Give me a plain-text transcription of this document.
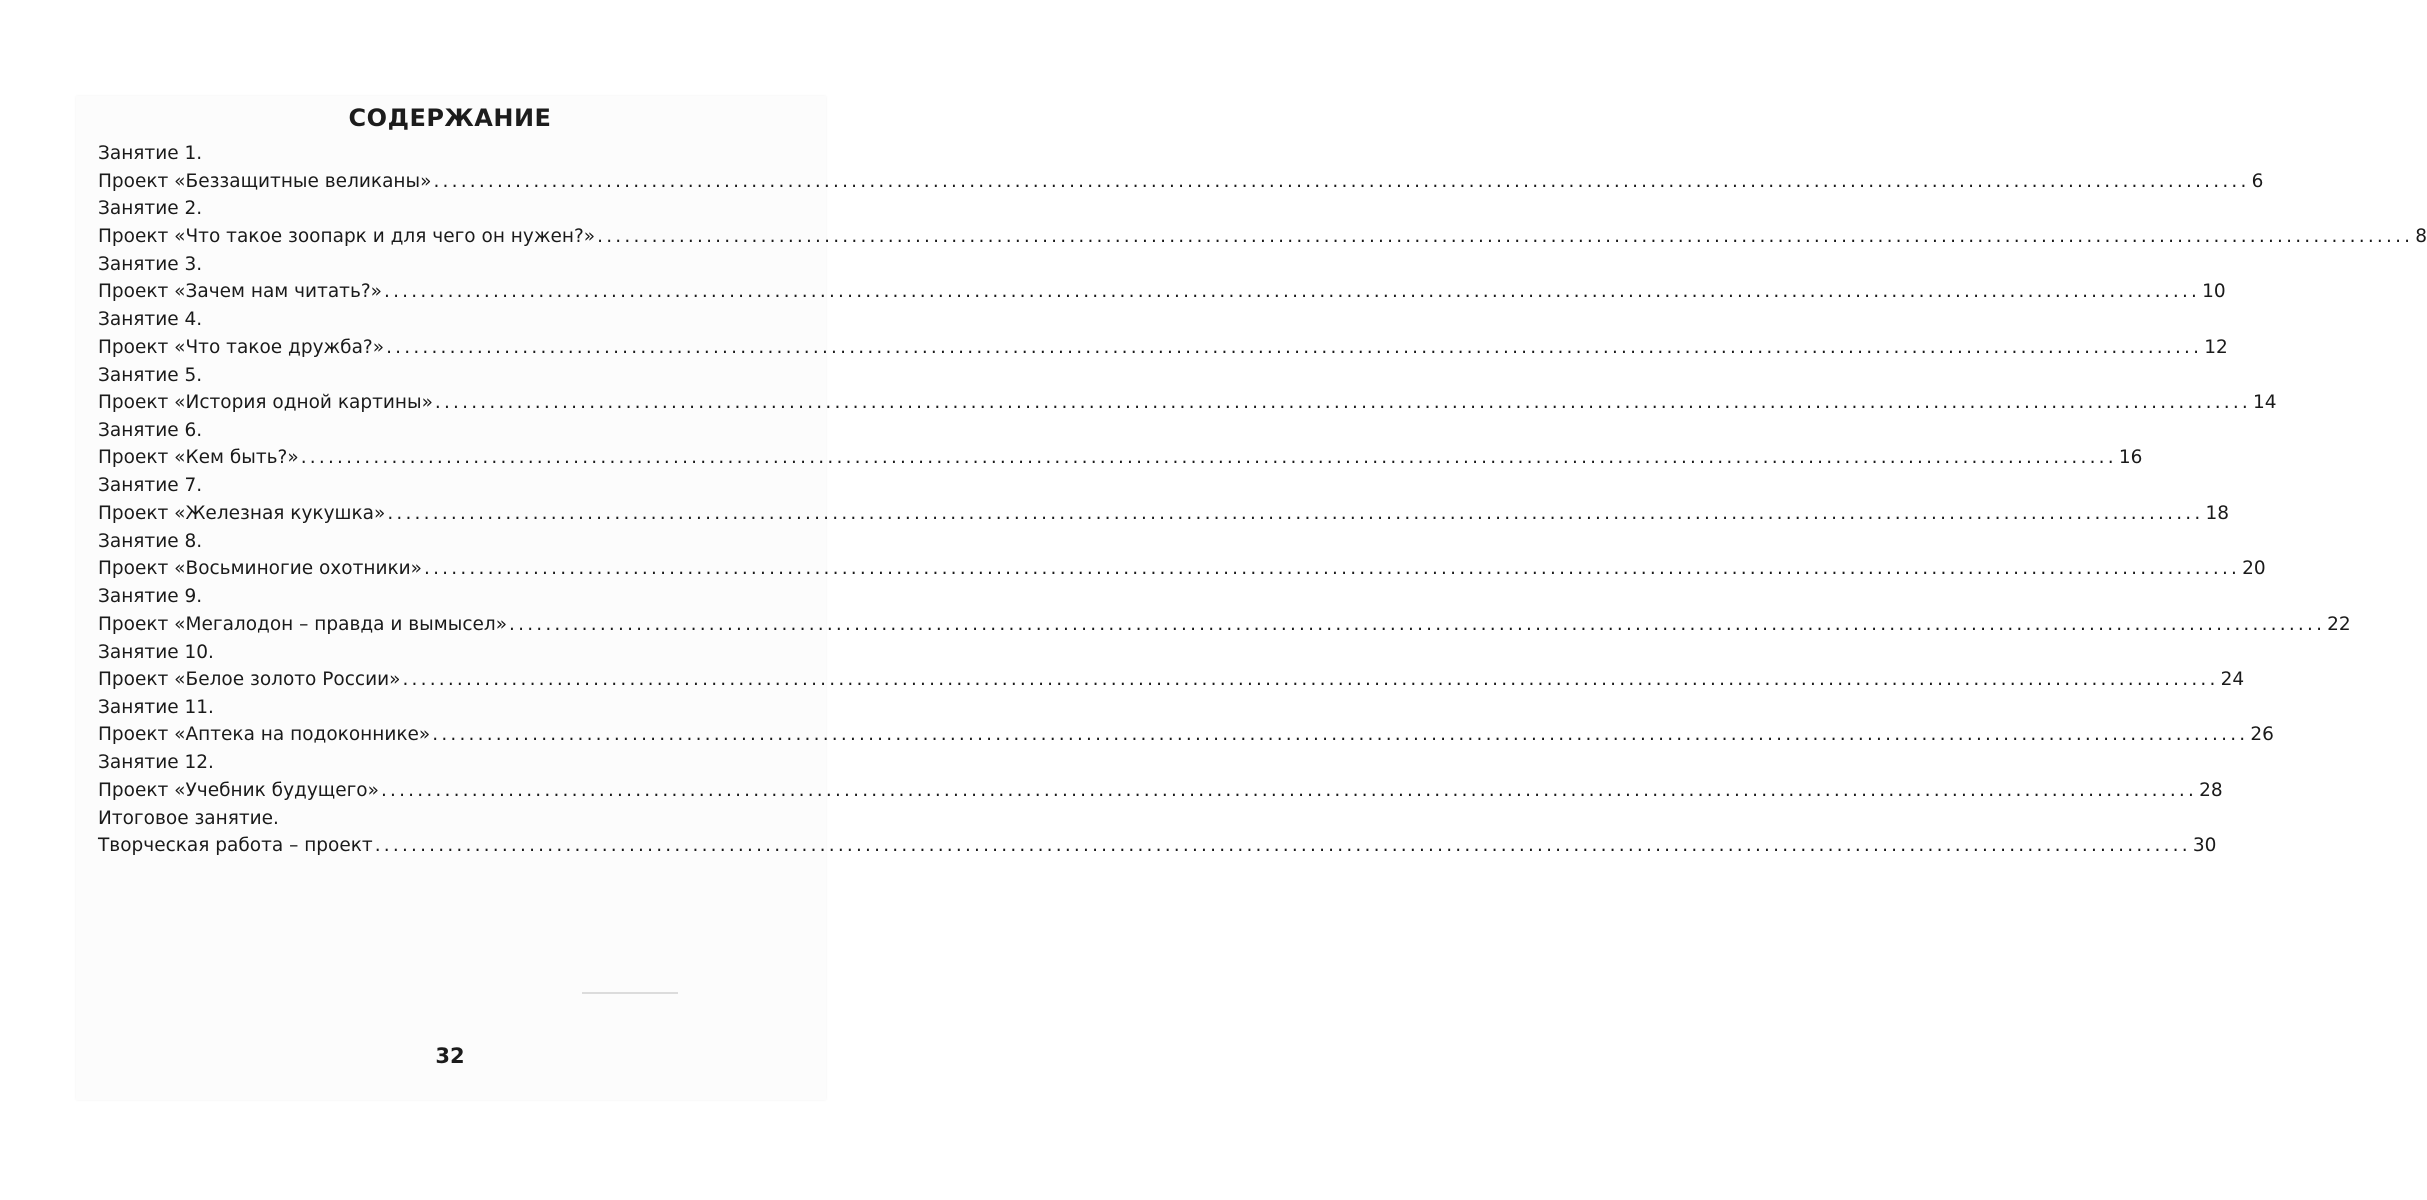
СОДЕРЖАНИЕ
Занятие 1.
Проект «Беззащитные великаны» ........................................................................................................................................................................................................ 6
Занятие 2.
Проект «Что такое зоопарк и для чего он нужен?» ........................................................................................................................................................................................................ 8
Занятие 3.
Проект «Зачем нам читать?» ........................................................................................................................................................................................................ 10
Занятие 4.
Проект «Что такое дружба?» ........................................................................................................................................................................................................ 12
Занятие 5.
Проект «История одной картины» ........................................................................................................................................................................................................ 14
Занятие 6.
Проект «Кем быть?» ........................................................................................................................................................................................................ 16
Занятие 7.
Проект «Железная кукушка» ........................................................................................................................................................................................................ 18
Занятие 8.
Проект «Восьминогие охотники» ........................................................................................................................................................................................................ 20
Занятие 9.
Проект «Мегалодон – правда и вымысел» ........................................................................................................................................................................................................ 22
Занятие 10.
Проект «Белое золото России» ........................................................................................................................................................................................................ 24
Занятие 11.
Проект «Аптека на подоконнике» ........................................................................................................................................................................................................ 26
Занятие 12.
Проект «Учебник будущего» ........................................................................................................................................................................................................ 28
Итоговое занятие.
Творческая работа – проект ........................................................................................................................................................................................................ 30
32
